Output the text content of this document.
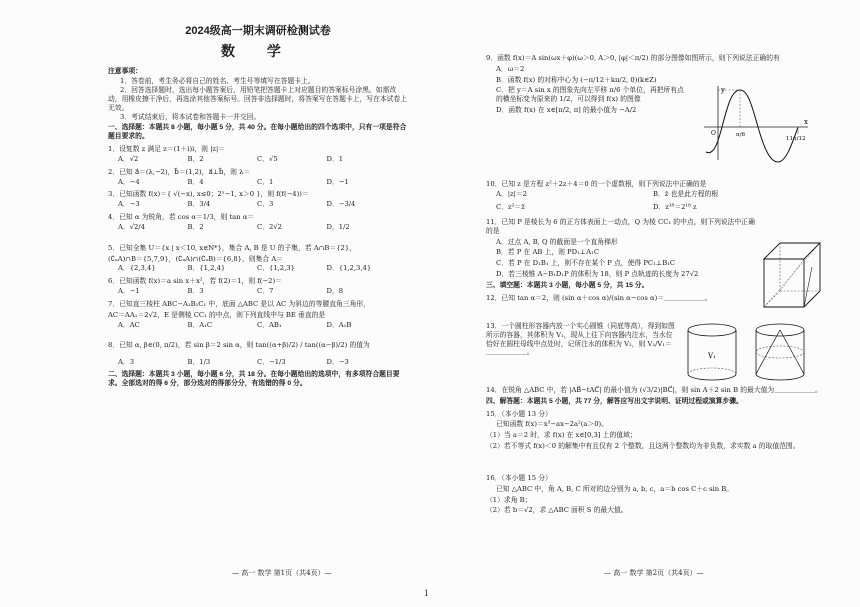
2024级高一期末调研检测试卷
数 学
注意事项：

1．答卷前，考生务必将自己的姓名、考生号等填写在答题卡上。

2．回答选择题时，选出每小题答案后，用铅笔把答题卡上对应题目的答案标号涂黑。如需改动，用橡皮擦干净后，再选涂其他答案标号。回答非选择题时，将答案写在答题卡上，写在本试卷上无效。

3．考试结束后，将本试卷和答题卡一并交回。

一、选择题：本题共 8 小题，每小题 5 分，共 40 分。在每小题给出的四个选项中，只有一项是符合题目要求的。
1．设复数 z 满足 z＝(1＋i)i，则 |z|＝
A．√2	B．2	C．√5	D．1
2．已知 a⃗＝(λ,−2)，b⃗＝(1,2)，a⃗⊥b⃗，则 λ＝
A．−4	B．4	C．1	D．−1
3．已知函数 f(x)＝{ √(−x), x≤0；2ˣ−1, x＞0 }，则 f(f(−4))＝
A．−3	B．3/4	C．3	D．−3/4
4．已知 α 为锐角，若 cos α＝1/3，则 tan α＝
A．√2/4	B．2	C．2√2	D．1/2
5．已知全集 U＝{x | x＜10, x∈N*}，集合 A, B 是 U 的子集，若 A∩B＝{2}，
(∁ᵤA)∩B＝{5,7,9}，(∁ᵤA)∩(∁ᵤB)＝{6,8}，则集合 A＝
A．{2,3,4}	B．{1,2,4}	C．{1,2,3}	D．{1,2,3,4}
6．已知函数 f(x)＝a sin x＋x²，若 f(2)＝1，则 f(−2)＝
A．−1	B．3	C．7	D．8
7．已知直三棱柱 ABC−A₁B₁C₁ 中，底面 △ABC 是以 AC 为斜边的等腰直角三角形，
AC＝AA₁＝2√2，E 是侧棱 CC₁ 的中点，则下列直线中与 BE 垂直的是
A．AC	B．A₁C	C．AB₁	D．A₁B
8．已知 α, β∈(0, π/2)，若 sin β＝2 sin α，则 tan((α+β)/2) / tan((α−β)/2) 的值为
A．3	B．1/3	C．−1/3	D．−3
二、选择题：本题共 3 小题，每小题 6 分，共 18 分。在每小题给出的选项中，有多项符合题目要求。全部选对的得 6 分，部分选对的得部分分，有选错的得 0 分。
— 高一 数学 第1页（共4页）—
9．函数 f(x)＝A sin(ωx＋φ)(ω＞0, A＞0, |φ|＜π/2) 的部分图像如图所示，则下列说法正确的有
A．ω＝2
B．函数 f(x) 的对称中心为 (−π/12＋kπ/2, 0)(k∈Z)
C．把 y＝A sin x 的图象先向左平移 π/6 个单位，再把所有点的横坐标变为原来的 1/2，可以得到 f(x) 的图像
D．函数 f(x) 在 x∈[π/2, π] 的最小值为 −A/2
10．已知 z 是方程 z²＋2z＋4＝0 的一个虚数根，则下列说法中正确的是
A．|z|＝2	B．z̄ 也是此方程的根
C．z²＝z̄	D．z¹⁸＝2¹⁸ z
11．已知 P 是棱长为 6 的正方体表面上一动点，Q 为棱 CC₁ 的中点，则下列说法中正确的是
A．过点 A, B, Q 的截面是一个直角梯形
B．若 P 在 AB 上，则 PD₁⊥A₁C
C．若 P 在 D₁B₁ 上，则不存在某个 P 点，使得 PC₁⊥B₁C
D．若三棱锥 A−B₁D₁P 的体积为 18，则 P 点轨迹的长度为 27√2
三、填空题：本题共 3 小题，每小题 5 分，共 15 分。
12．已知 tan α＝2，则 (sin α＋cos α)/(sin α−cos α)＝＿＿＿＿＿＿。
13．一个圆柱形容器内放一个实心圆锥（同底等高），得到如图所示的容器，其体积为 V₁，现从上往下向容器内注水，当水位恰好在圆柱母线中点处时，记所注水的体积为 V₂，则 V₂/V₁＝＿＿＿＿＿＿。
14．在锐角 △ABC 中，若 |AB⃗−tAC⃗| 的最小值为 (√3/2)|BC⃗|，则 sin A＋2 sin B 的最大值为＿＿＿＿＿＿。
四、解答题：本题共 5 小题，共 77 分，解答应写出文字说明、证明过程或演算步骤。
15．（本小题 13 分）
已知函数 f(x)＝x³−ax−2a²(a＞0)。
（1）当 a＝2 时，求 f(x) 在 x∈[0,3] 上的值域；
（2）若不等式 f(x)＜0 的解集中有且仅有 2 个整数，且这两个整数均为非负数，求实数 a 的取值范围。
16．（本小题 15 分）
已知 △ABC 中，角 A, B, C 所对的边分别为 a, b, c，a＝b cos C＋c sin B。
（1）求角 B；
（2）若 b＝√2，求 △ABC 面积 S 的最大值。
— 高一 数学 第2页（共4页）—
1
y
x
O	π/6
11π/12
V₁
